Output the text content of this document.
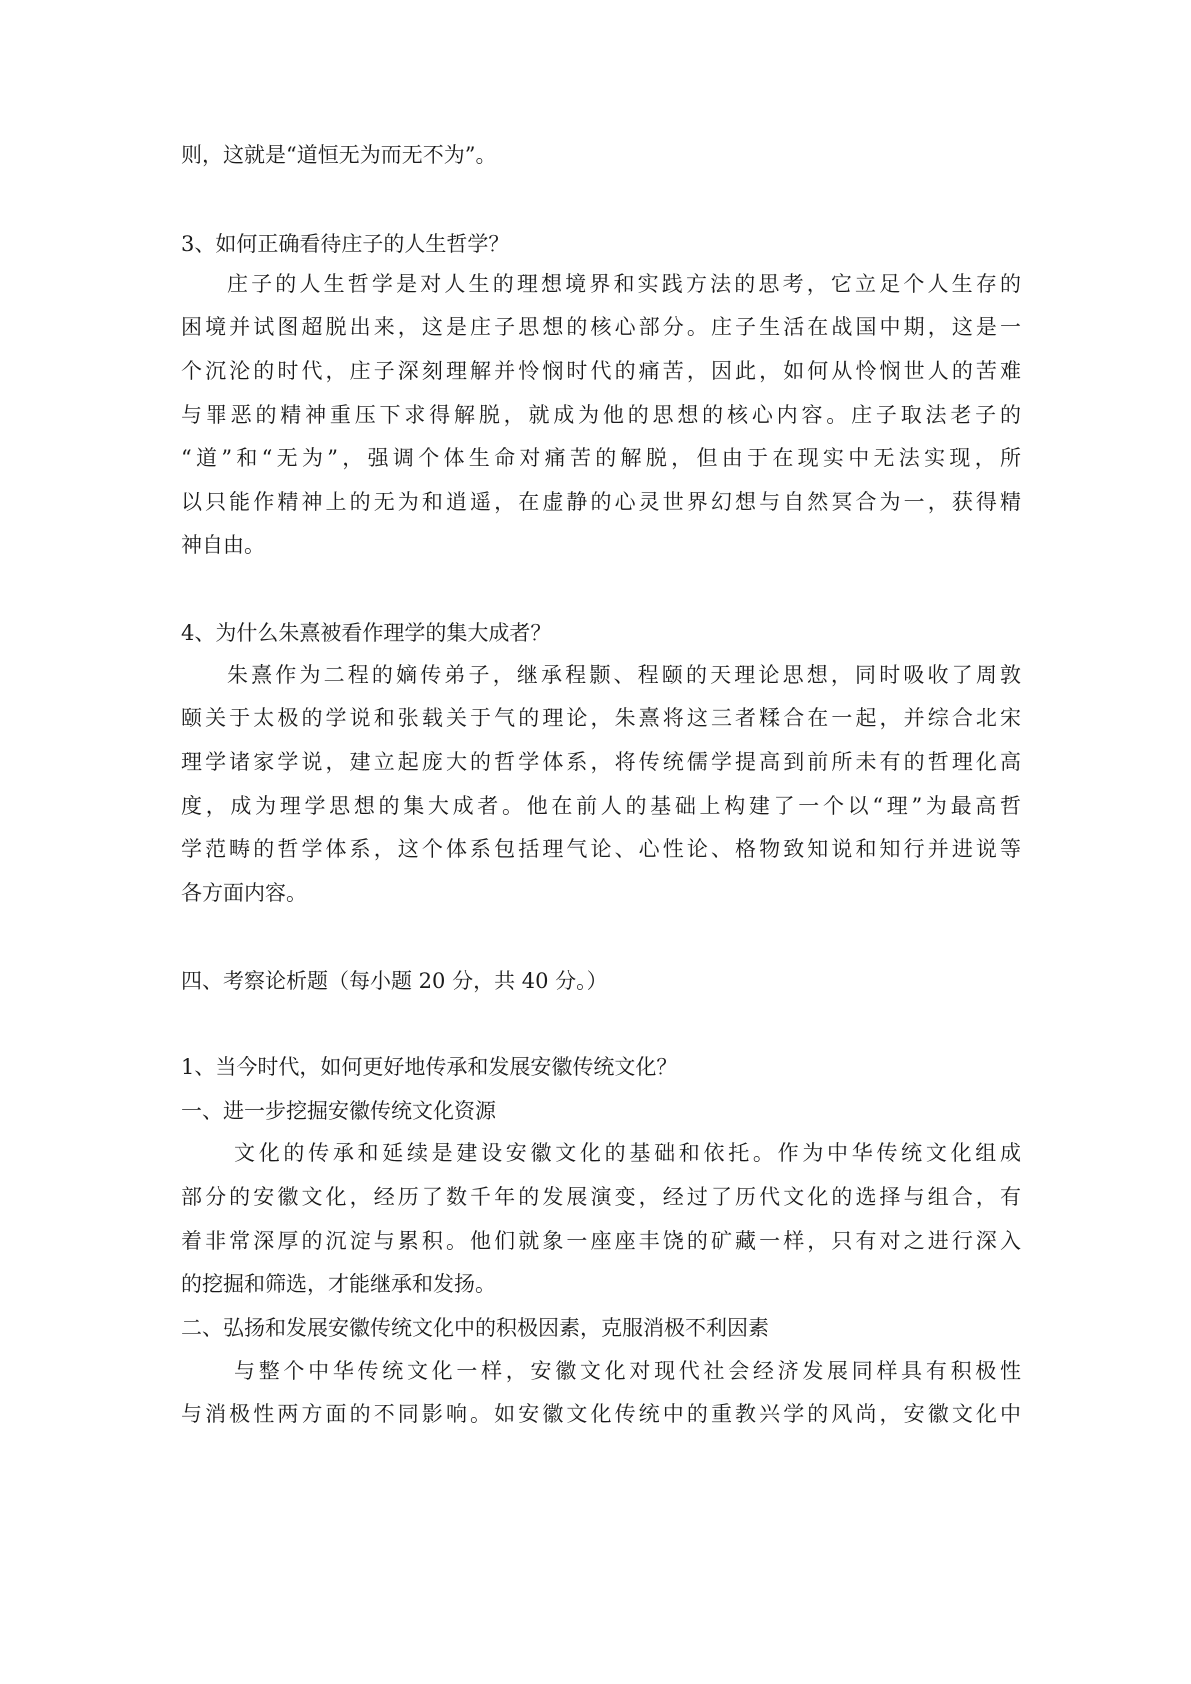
则，这就是“道恒无为而无不为”。
3、如何正确看待庄子的人生哲学？
庄子的人生哲学是对人生的理想境界和实践方法的思考，它立足个人生存的
困境并试图超脱出来，这是庄子思想的核心部分。庄子生活在战国中期，这是一
个沉沦的时代，庄子深刻理解并怜悯时代的痛苦，因此，如何从怜悯世人的苦难
与罪恶的精神重压下求得解脱，就成为他的思想的核心内容。庄子取法老子的
“道”和“无为”，强调个体生命对痛苦的解脱，但由于在现实中无法实现，所
以只能作精神上的无为和逍遥，在虚静的心灵世界幻想与自然冥合为一，获得精
神自由。
4、为什么朱熹被看作理学的集大成者？
朱熹作为二程的嫡传弟子，继承程颢、程颐的天理论思想，同时吸收了周敦
颐关于太极的学说和张载关于气的理论，朱熹将这三者糅合在一起，并综合北宋
理学诸家学说，建立起庞大的哲学体系，将传统儒学提高到前所未有的哲理化高
度，成为理学思想的集大成者。他在前人的基础上构建了一个以“理”为最高哲
学范畴的哲学体系，这个体系包括理气论、心性论、格物致知说和知行并进说等
各方面内容。
四、考察论析题（每小题 20 分，共 40 分。）
1、当今时代，如何更好地传承和发展安徽传统文化？
一、进一步挖掘安徽传统文化资源
文化的传承和延续是建设安徽文化的基础和依托。作为中华传统文化组成
部分的安徽文化，经历了数千年的发展演变，经过了历代文化的选择与组合，有
着非常深厚的沉淀与累积。他们就象一座座丰饶的矿藏一样，只有对之进行深入
的挖掘和筛选，才能继承和发扬。
二、弘扬和发展安徽传统文化中的积极因素，克服消极不利因素
与整个中华传统文化一样，安徽文化对现代社会经济发展同样具有积极性
与消极性两方面的不同影响。如安徽文化传统中的重教兴学的风尚，安徽文化中
